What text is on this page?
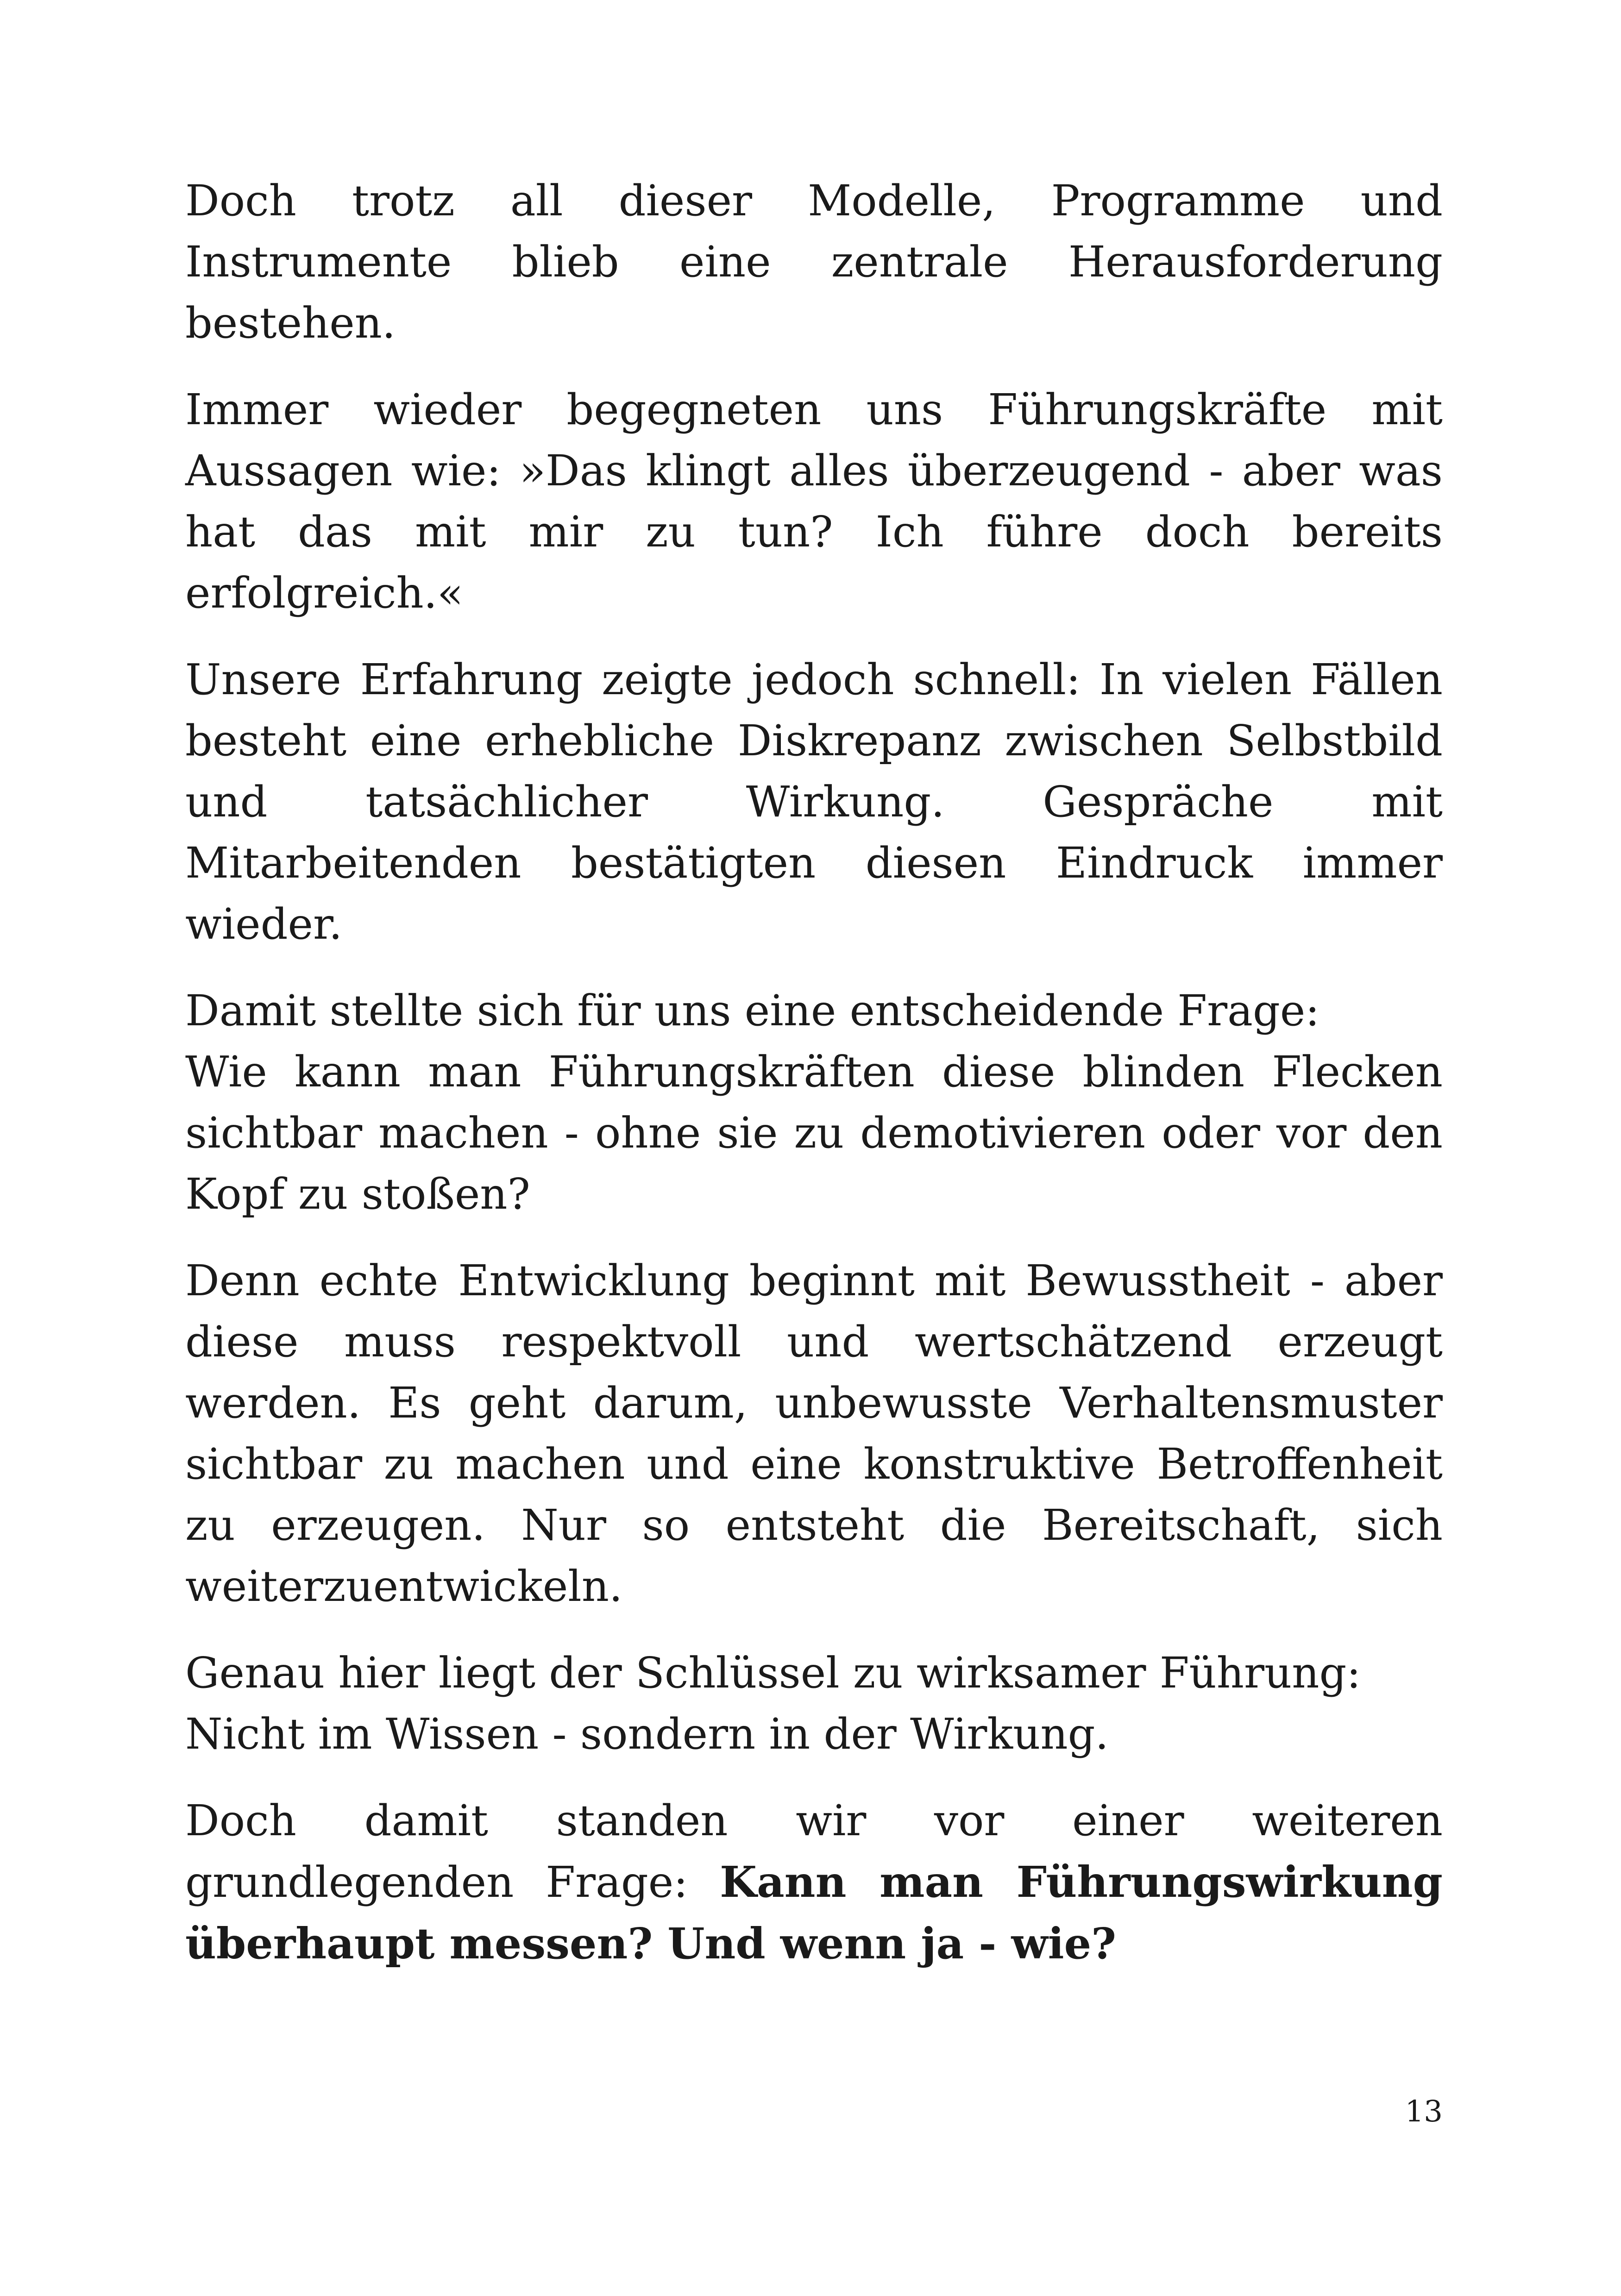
Doch trotz all dieser Modelle, Programme und Instrumente blieb eine zentrale Herausforderung bestehen.

Immer wieder begegneten uns Führungskräfte mit Aussagen wie: »Das klingt alles überzeugend - aber was hat das mit mir zu tun? Ich führe doch bereits erfolgreich.«

Unsere Erfahrung zeigte jedoch schnell: In vielen Fällen besteht eine erhebliche Diskrepanz zwischen Selbstbild und tatsächlicher Wirkung. Gespräche mit Mitarbeitenden bestätigten diesen Eindruck immer wieder.

Damit stellte sich für uns eine entscheidende Frage:
Wie kann man Führungskräften diese blinden Flecken sichtbar machen - ohne sie zu demotivieren oder vor den Kopf zu stoßen?

Denn echte Entwicklung beginnt mit Bewusstheit - aber diese muss respektvoll und wertschätzend erzeugt werden. Es geht darum, unbewusste Verhaltensmuster sichtbar zu machen und eine konstruktive Betroffenheit zu erzeugen. Nur so entsteht die Bereitschaft, sich weiterzuentwickeln.

Genau hier liegt der Schlüssel zu wirksamer Führung:
Nicht im Wissen - sondern in der Wirkung.

Doch damit standen wir vor einer weiteren grundlegenden Frage: Kann man Führungswirkung überhaupt messen? Und wenn ja - wie?

13
